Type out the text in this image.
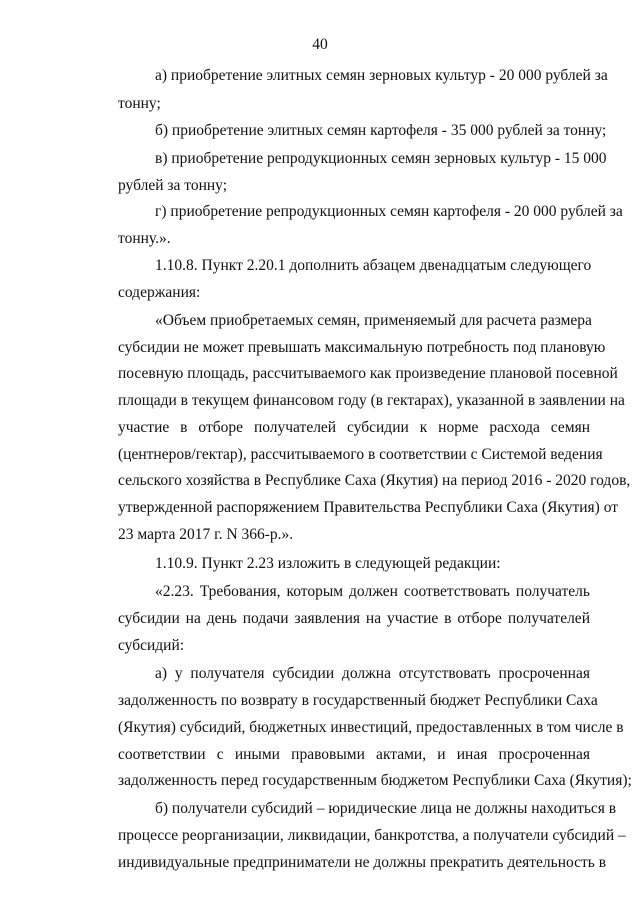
40
а) приобретение элитных семян зерновых культур - 20 000 рублей за
тонну;
б) приобретение элитных семян картофеля - 35 000 рублей за тонну;
в) приобретение репродукционных семян зерновых культур - 15 000
рублей за тонну;
г) приобретение репродукционных семян картофеля - 20 000 рублей за
тонну.».
1.10.8. Пункт 2.20.1 дополнить абзацем двенадцатым следующего
содержания:
«Объем приобретаемых семян, применяемый для расчета размера
субсидии не может превышать максимальную потребность под плановую
посевную площадь, рассчитываемого как произведение плановой посевной
площади в текущем финансовом году (в гектарах), указанной в заявлении на
участие в отборе получателей субсидии к норме расхода семян
(центнеров/гектар), рассчитываемого в соответствии с Системой ведения
сельского хозяйства в Республике Саха (Якутия) на период 2016 - 2020 годов,
утвержденной распоряжением Правительства Республики Саха (Якутия) от
23 марта 2017 г. N 366-р.».
1.10.9. Пункт 2.23 изложить в следующей редакции:
«2.23. Требования, которым должен соответствовать получатель
субсидии на день подачи заявления на участие в отборе получателей
субсидий:
а) у получателя субсидии должна отсутствовать просроченная
задолженность по возврату в государственный бюджет Республики Саха
(Якутия) субсидий, бюджетных инвестиций, предоставленных в том числе в
соответствии с иными правовыми актами, и иная просроченная
задолженность перед государственным бюджетом Республики Саха (Якутия);
б) получатели субсидий – юридические лица не должны находиться в
процессе реорганизации, ликвидации, банкротства, а получатели субсидий –
индивидуальные предприниматели не должны прекратить деятельность в
